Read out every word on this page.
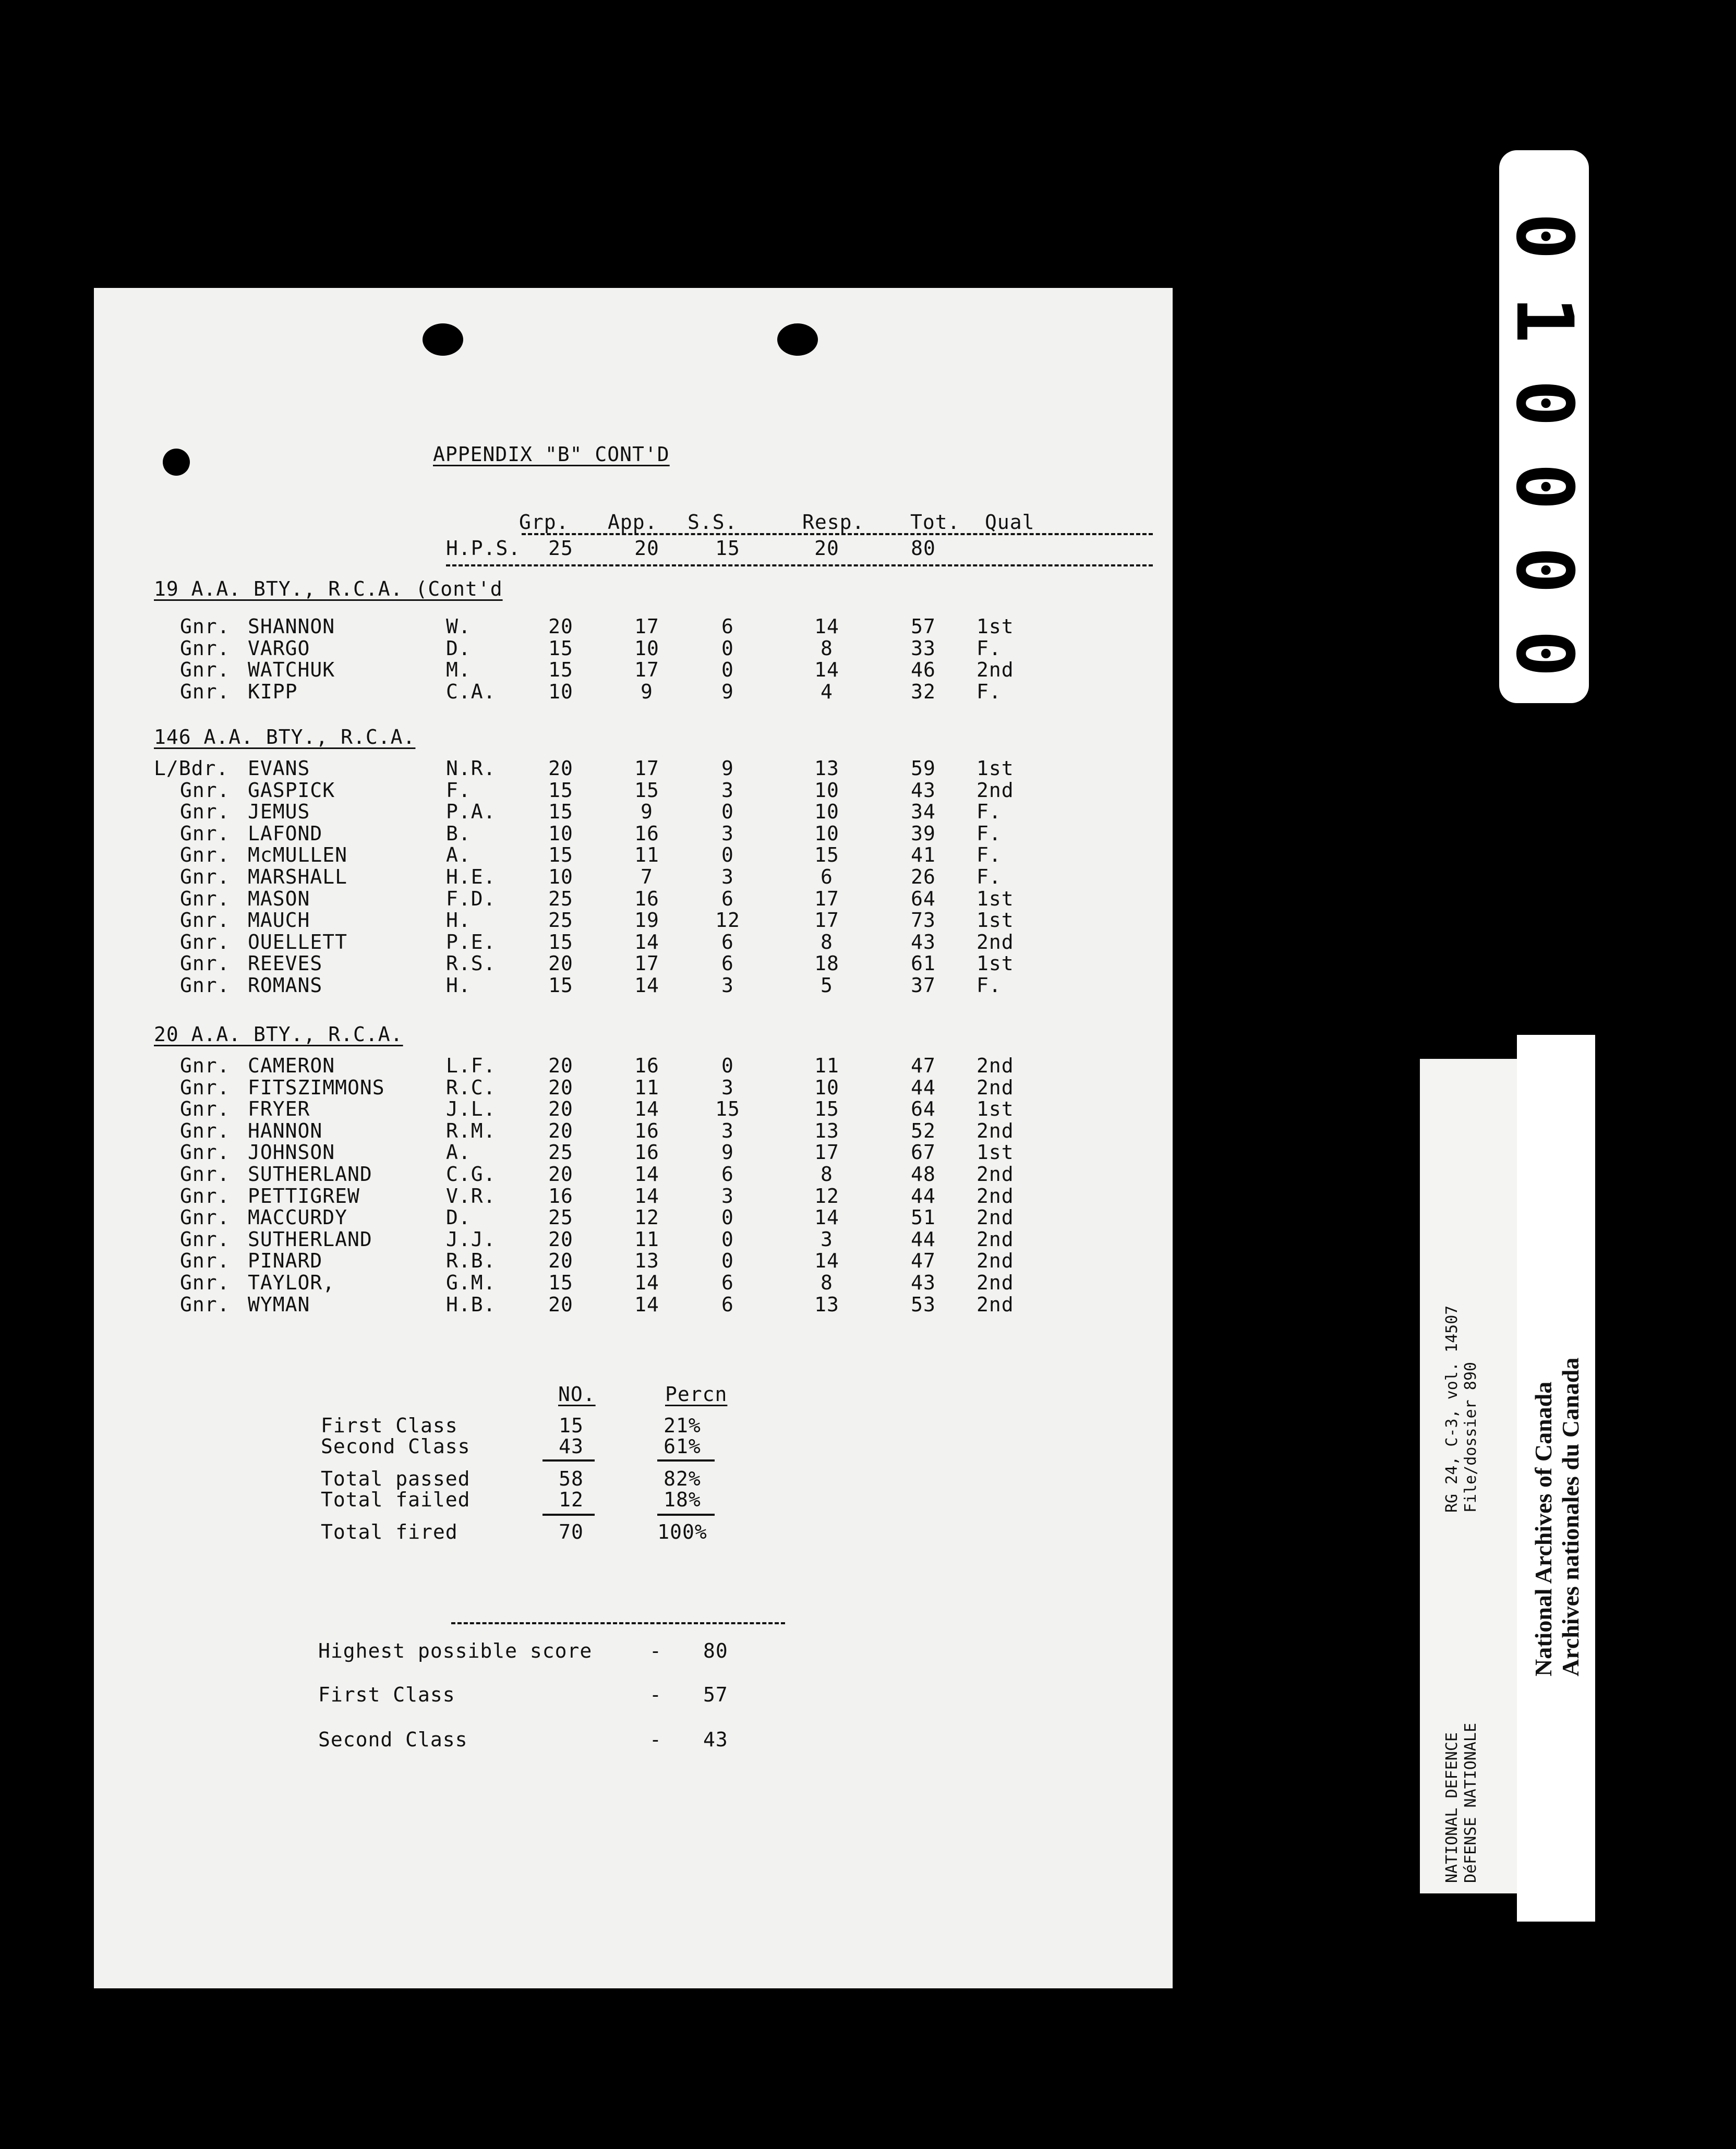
APPENDIX "B" CONT'D
Grp. App. S.S.	Resp. Tot. Qual
H.P.S.	25	20	15	20	80
19 A.A. BTY., R.C.A. (Cont'd
Gnr. SHANNON	W.	20	17	6	14	57	1st
Gnr. VARGO	D.	15	10	0	8	33	F.
Gnr. WATCHUK	M.	15	17	0	14	46	2nd
Gnr. KIPP	C.A.	10	9	9	4	32	F.
146 A.A. BTY., R.C.A.
L/Bdr. EVANS	N.R.	20	17	9	13	59	1st
Gnr. GASPICK	F.	15	15	3	10	43	2nd
Gnr. JEMUS	P.A.	15	9	0	10	34	F.
Gnr. LAFOND	B.	10	16	3	10	39	F.
Gnr. McMULLEN	A.	15	11	0	15	41	F.
Gnr. MARSHALL	H.E.	10	7	3	6	26	F.
Gnr. MASON	F.D.	25	16	6	17	64	1st
Gnr. MAUCH	H.	25	19	12	17	73	1st
Gnr. OUELLETT	P.E.	15	14	6	8	43	2nd
Gnr. REEVES	R.S.	20	17	6	18	61	1st
Gnr. ROMANS	H.	15	14	3	5	37	F.
20 A.A. BTY., R.C.A.
Gnr. CAMERON	L.F.	20	16	0	11	47	2nd
Gnr. FITSZIMMONS	R.C.	20	11	3	10	44	2nd
Gnr. FRYER	J.L.	20	14	15	15	64	1st
Gnr. HANNON	R.M.	20	16	3	13	52	2nd
Gnr. JOHNSON	A.	25	16	9	17	67	1st
Gnr. SUTHERLAND	C.G.	20	14	6	8	48	2nd
Gnr. PETTIGREW	V.R.	16	14	3	12	44	2nd
Gnr. MACCURDY	D.	25	12	0	14	51	2nd
Gnr. SUTHERLAND	J.J.	20	11	0	3	44	2nd
Gnr. PINARD	R.B.	20	13	0	14	47	2nd
Gnr. TAYLOR,	G.M.	15	14	6	8	43	2nd
Gnr. WYMAN	H.B.	20	14	6	13	53	2nd
NO.	Percn
First Class	15	21%
Second Class	43	61%
Total passed	58	82%
Total failed	12	18%
Total fired	70	100%
Highest possible score	- 80
First Class	- 57
Second Class	- 43
0
0
0
0
1
0
RG 24, C-3, vol. 14507 File/dossier 890
NATIONAL DEFENCE DéFENSE NATIONALE
National Archives of Canada Archives nationales du Canada
